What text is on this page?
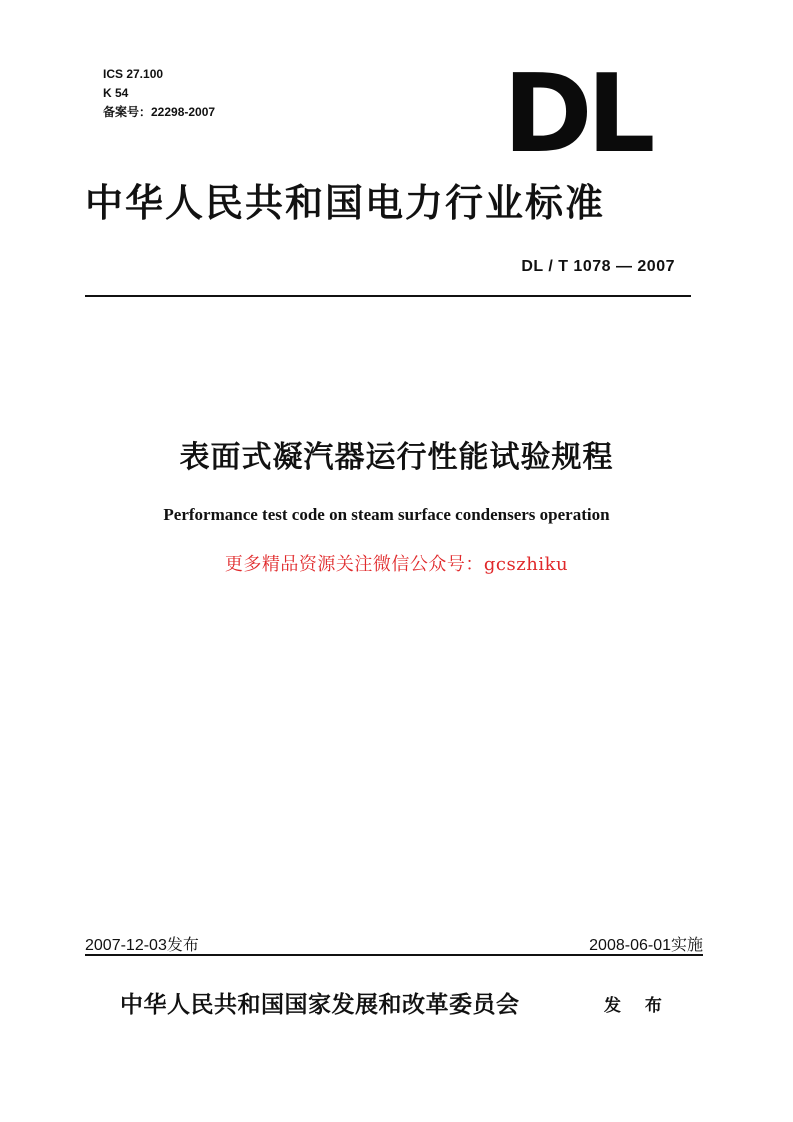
ICS 27.100
K 54
备案号：22298-2007	DL
中华人民共和国电力行业标准
DL / T 1078 — 2007
表面式凝汽器运行性能试验规程
Performance test code on steam surface condensers operation
更多精品资源关注微信公众号：gcszhiku
2007-12-03发布	2008-06-01实施
中华人民共和国国家发展和改革委员会	发 布
